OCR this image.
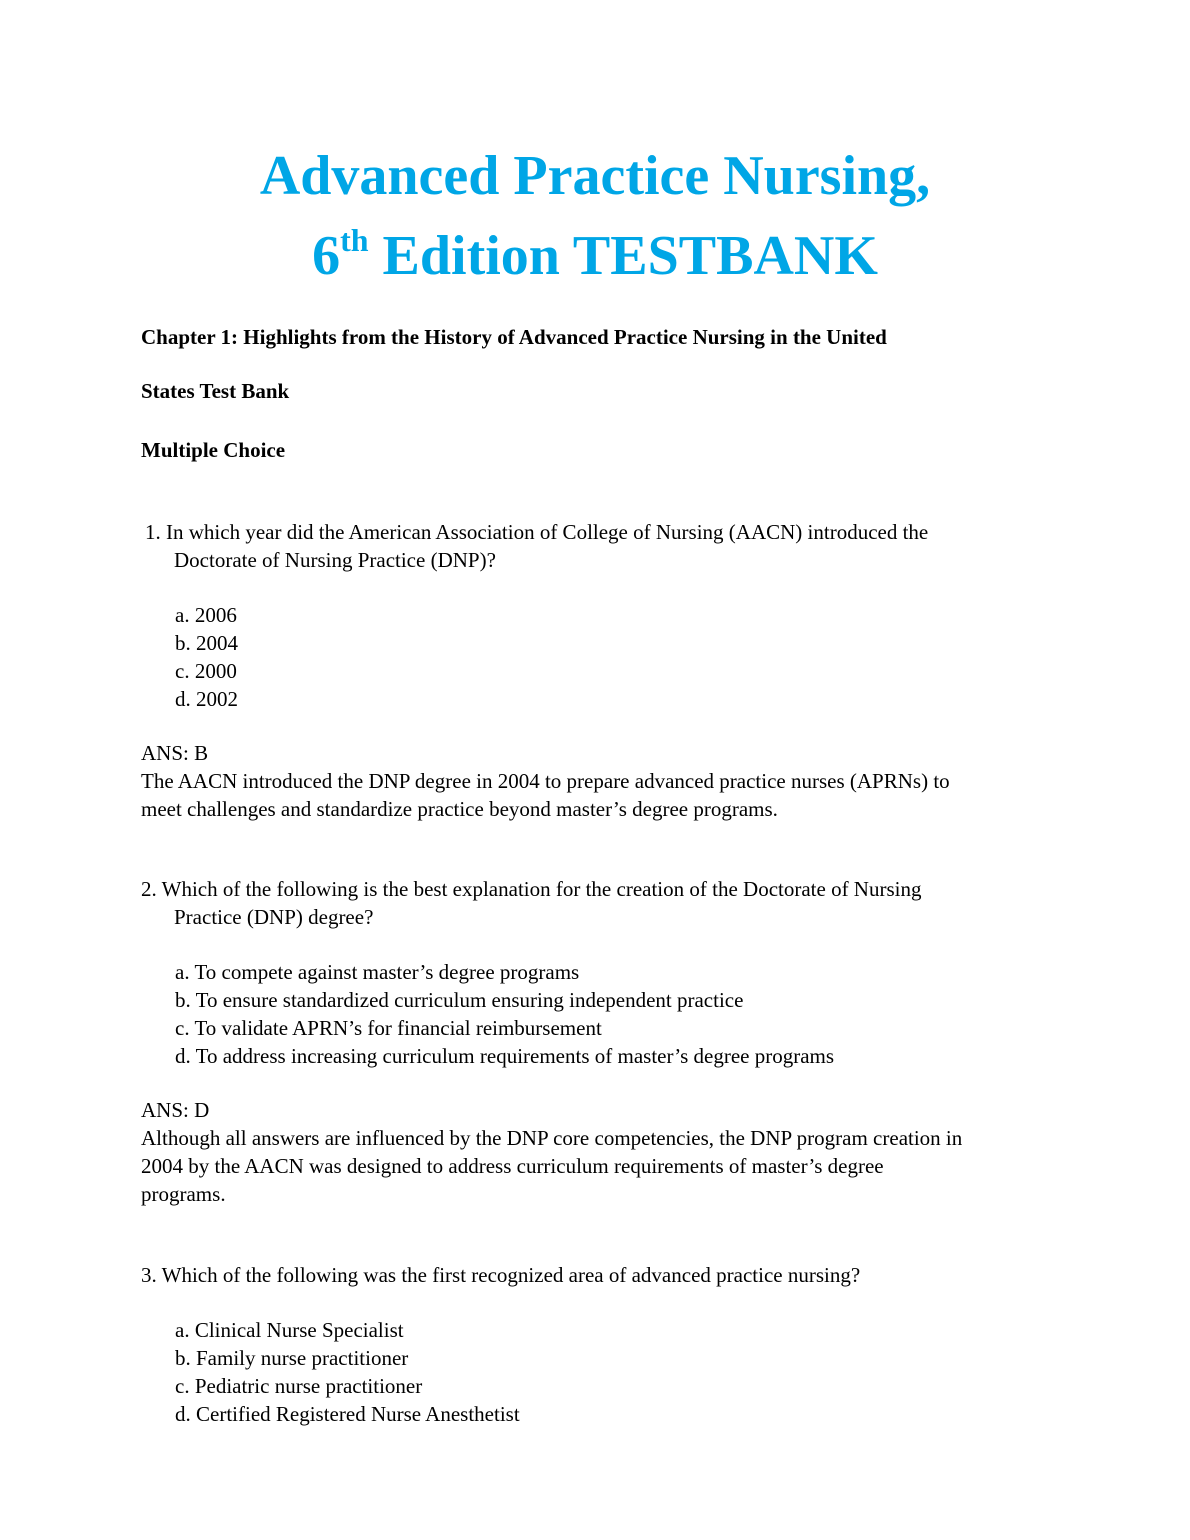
Advanced Practice Nursing,
6th Edition TESTBANK
Chapter 1: Highlights from the History of Advanced Practice Nursing in the United
States Test Bank
Multiple Choice
1. In which year did the American Association of College of Nursing (AACN) introduced the
Doctorate of Nursing Practice (DNP)?
a. 2006
b. 2004
c. 2000
d. 2002
ANS: B
The AACN introduced the DNP degree in 2004 to prepare advanced practice nurses (APRNs) to
meet challenges and standardize practice beyond master’s degree programs.
2. Which of the following is the best explanation for the creation of the Doctorate of Nursing
Practice (DNP) degree?
a. To compete against master’s degree programs
b. To ensure standardized curriculum ensuring independent practice
c. To validate APRN’s for financial reimbursement
d. To address increasing curriculum requirements of master’s degree programs
ANS: D
Although all answers are influenced by the DNP core competencies, the DNP program creation in
2004 by the AACN was designed to address curriculum requirements of master’s degree
programs.
3. Which of the following was the first recognized area of advanced practice nursing?
a. Clinical Nurse Specialist
b. Family nurse practitioner
c. Pediatric nurse practitioner
d. Certified Registered Nurse Anesthetist
